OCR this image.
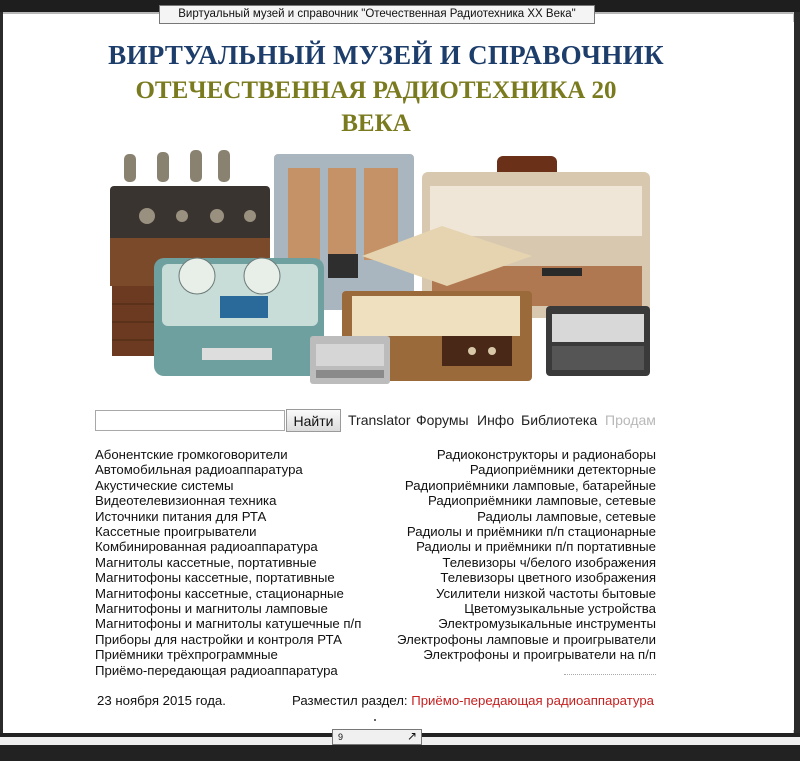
ВИРТУАЛЬНЫЙ МУЗЕЙ И СПРАВОЧНИК
ОТЕЧЕСТВЕННАЯ РАДИОТЕХНИКА 20
ВЕКА
Найти	Translator Форумы Инфо Библиотека Продам
Абонентские громкоговорители
Автомобильная радиоаппаратура
Акустические системы
Видеотелевизионная техника
Источники питания для РТА
Кассетные проигрыватели
Комбинированная радиоаппаратура
Магнитолы кассетные, портативные
Магнитофоны кассетные, портативные
Магнитофоны кассетные, стационарные
Магнитофоны и магнитолы ламповые
Магнитофоны и магнитолы катушечные п/п
Приборы для настройки и контроля РТА
Приёмники трёхпрограммные
Приёмо-передающая радиоаппаратура
Радиоконструкторы и радионаборы
Радиоприёмники детекторные
Радиоприёмники ламповые, батарейные
Радиоприёмники ламповые, сетевые
Радиолы ламповые, сетевые
Радиолы и приёмники п/п стационарные
Радиолы и приёмники п/п портативные
Телевизоры ч/белого изображения
Телевизоры цветного изображения
Усилители низкой частоты бытовые
Цветомузыкальные устройства
Электромузыкальные инструменты
Электрофоны ламповые и проигрыватели
Электрофоны и проигрыватели на п/п
23 ноября 2015 года.	Разместил раздел: Приёмо-передающая радиоаппаратура
Виртуальный музей и справочник "Отечественная Радиотехника XX Века"
9	↗
